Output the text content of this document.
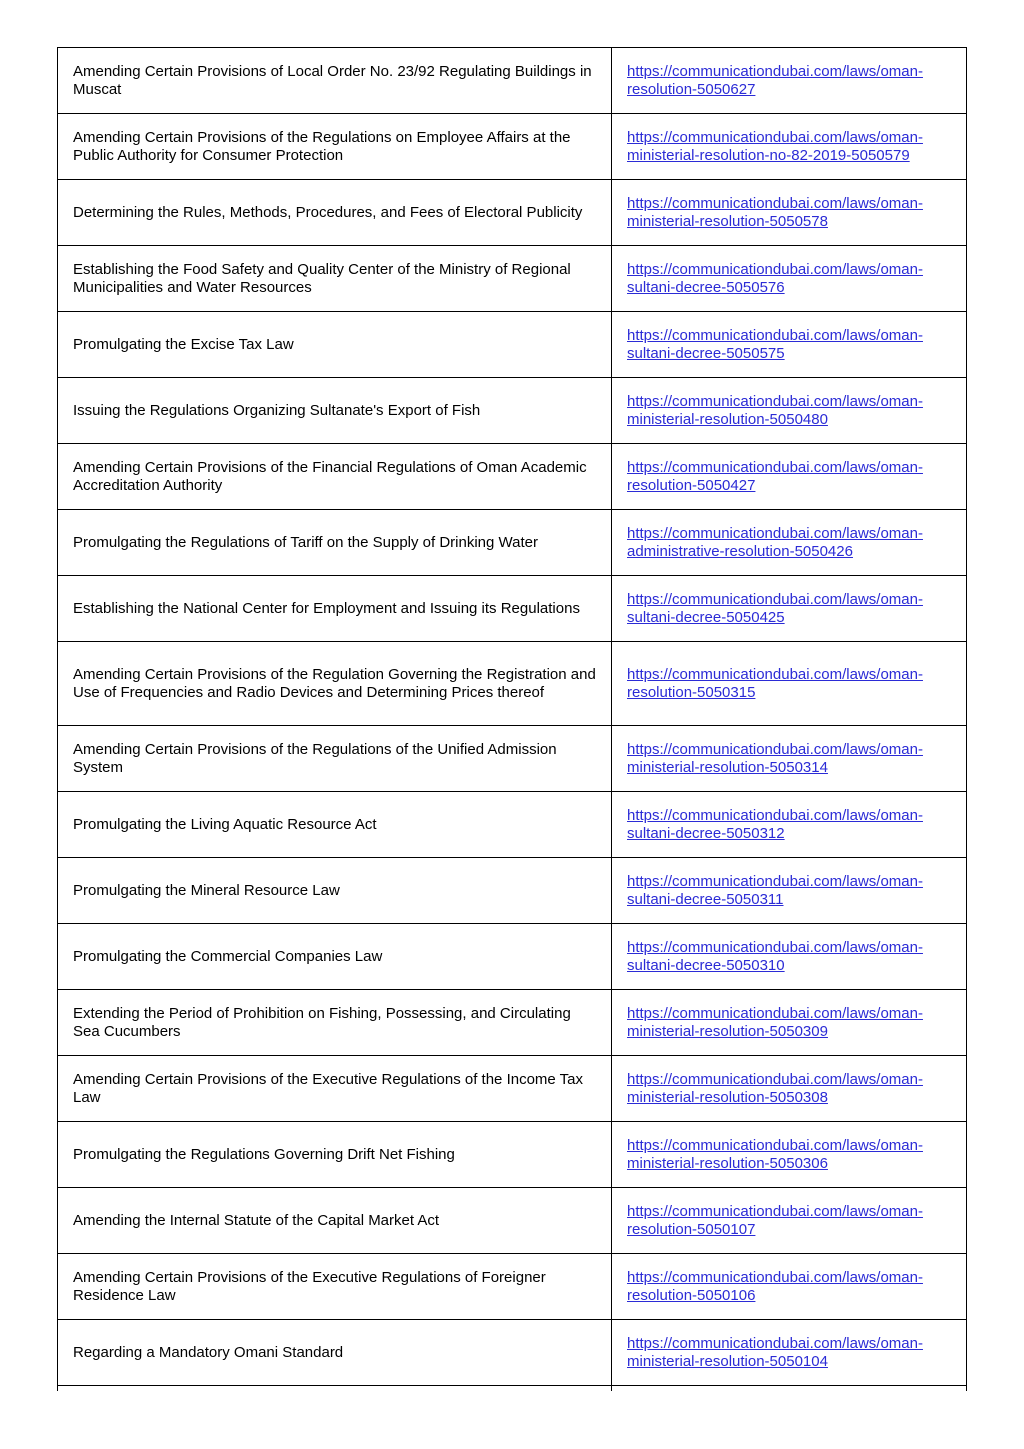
Amending Certain Provisions of Local Order No. 23/92 Regulating Buildings in Muscat	https://communicationdubai.com/laws/oman-
resolution-5050627

Amending Certain Provisions of the Regulations on Employee Affairs at the Public Authority for Consumer Protection	https://communicationdubai.com/laws/oman-
ministerial-resolution-no-82-2019-5050579

Determining the Rules, Methods, Procedures, and Fees of Electoral Publicity	https://communicationdubai.com/laws/oman-
ministerial-resolution-5050578

Establishing the Food Safety and Quality Center of the Ministry of Regional Municipalities and Water Resources	https://communicationdubai.com/laws/oman-
sultani-decree-5050576

Promulgating the Excise Tax Law	https://communicationdubai.com/laws/oman-
sultani-decree-5050575

Issuing the Regulations Organizing Sultanate's Export of Fish	https://communicationdubai.com/laws/oman-
ministerial-resolution-5050480

Amending Certain Provisions of the Financial Regulations of Oman Academic Accreditation Authority	https://communicationdubai.com/laws/oman-
resolution-5050427

Promulgating the Regulations of Tariff on the Supply of Drinking Water	https://communicationdubai.com/laws/oman-
administrative-resolution-5050426

Establishing the National Center for Employment and Issuing its Regulations	https://communicationdubai.com/laws/oman-
sultani-decree-5050425

Amending Certain Provisions of the Regulation Governing the Registration and Use of Frequencies and Radio Devices and Determining Prices thereof	https://communicationdubai.com/laws/oman-
resolution-5050315

Amending Certain Provisions of the Regulations of the Unified Admission System	https://communicationdubai.com/laws/oman-
ministerial-resolution-5050314

Promulgating the Living Aquatic Resource Act	https://communicationdubai.com/laws/oman-
sultani-decree-5050312

Promulgating the Mineral Resource Law	https://communicationdubai.com/laws/oman-
sultani-decree-5050311

Promulgating the Commercial Companies Law	https://communicationdubai.com/laws/oman-
sultani-decree-5050310

Extending the Period of Prohibition on Fishing, Possessing, and Circulating Sea Cucumbers	https://communicationdubai.com/laws/oman-
ministerial-resolution-5050309

Amending Certain Provisions of the Executive Regulations of the Income Tax Law	https://communicationdubai.com/laws/oman-
ministerial-resolution-5050308

Promulgating the Regulations Governing Drift Net Fishing	https://communicationdubai.com/laws/oman-
ministerial-resolution-5050306

Amending the Internal Statute of the Capital Market Act	https://communicationdubai.com/laws/oman-
resolution-5050107

Amending Certain Provisions of the Executive Regulations of Foreigner Residence Law	https://communicationdubai.com/laws/oman-
resolution-5050106

Regarding a Mandatory Omani Standard	https://communicationdubai.com/laws/oman-
ministerial-resolution-5050104
